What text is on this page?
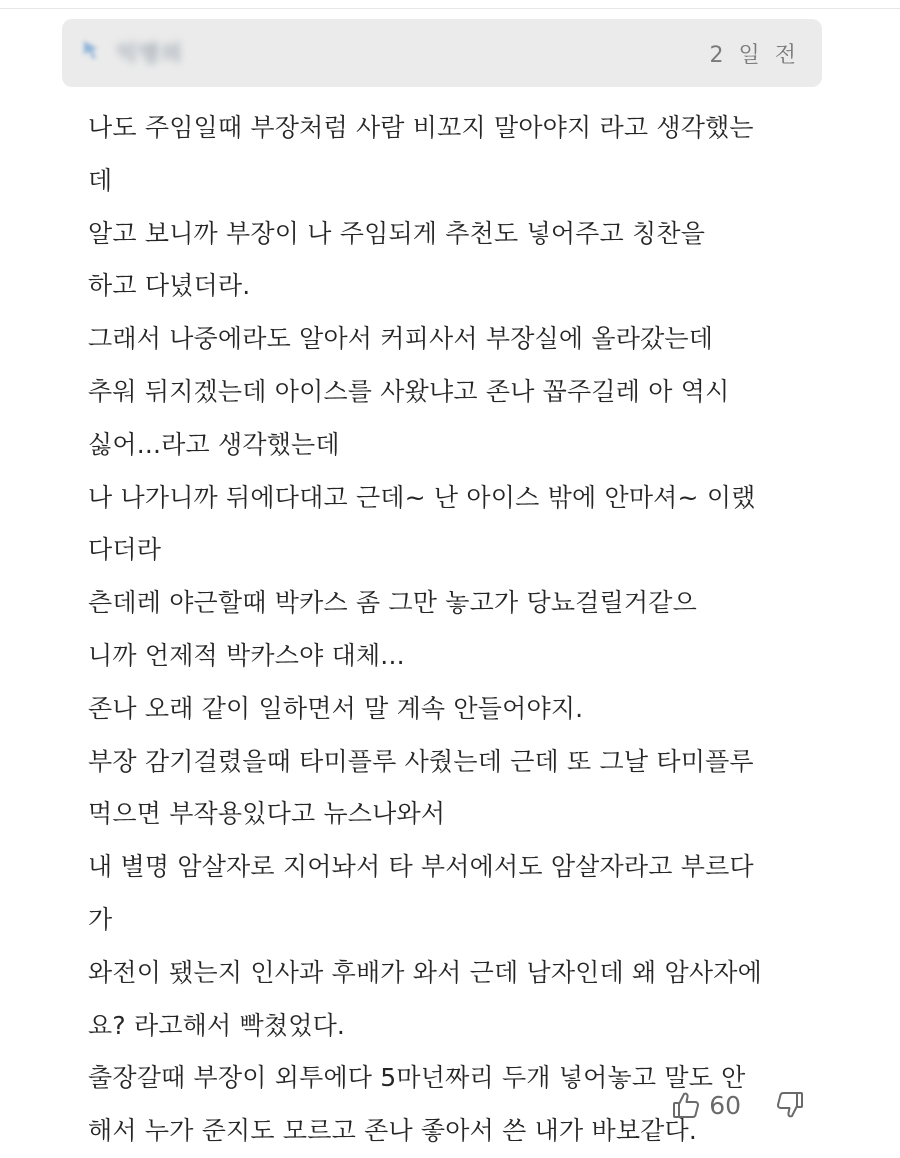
익명의	2 일 전
나도 주임일때 부장처럼 사람 비꼬지 말아야지 라고 생각했는
데
알고 보니까 부장이 나 주임되게 추천도 넣어주고 칭찬을
하고 다녔더라.
그래서 나중에라도 알아서 커피사서 부장실에 올라갔는데
추워 뒤지겠는데 아이스를 사왔냐고 존나 꼽주길레 아 역시
싫어...라고 생각했는데
나 나가니까 뒤에다대고 근데~ 난 아이스 밖에 안마셔~ 이랬
다더라
츤데레 야근할때 박카스 좀 그만 놓고가 당뇨걸릴거같으
니까 언제적 박카스야 대체...
존나 오래 같이 일하면서 말 계속 안들어야지.
부장 감기걸렸을때 타미플루 사줬는데 근데 또 그날 타미플루
먹으면 부작용있다고 뉴스나와서
내 별명 암살자로 지어놔서 타 부서에서도 암살자라고 부르다
가
와전이 됐는지 인사과 후배가 와서 근데 남자인데 왜 암사자에
요? 라고해서 빡쳤었다.
출장갈때 부장이 외투에다 5마넌짜리 두개 넣어놓고 말도 안
해서 누가 준지도 모르고 존나 좋아서 쓴 내가 바보같다.
60
